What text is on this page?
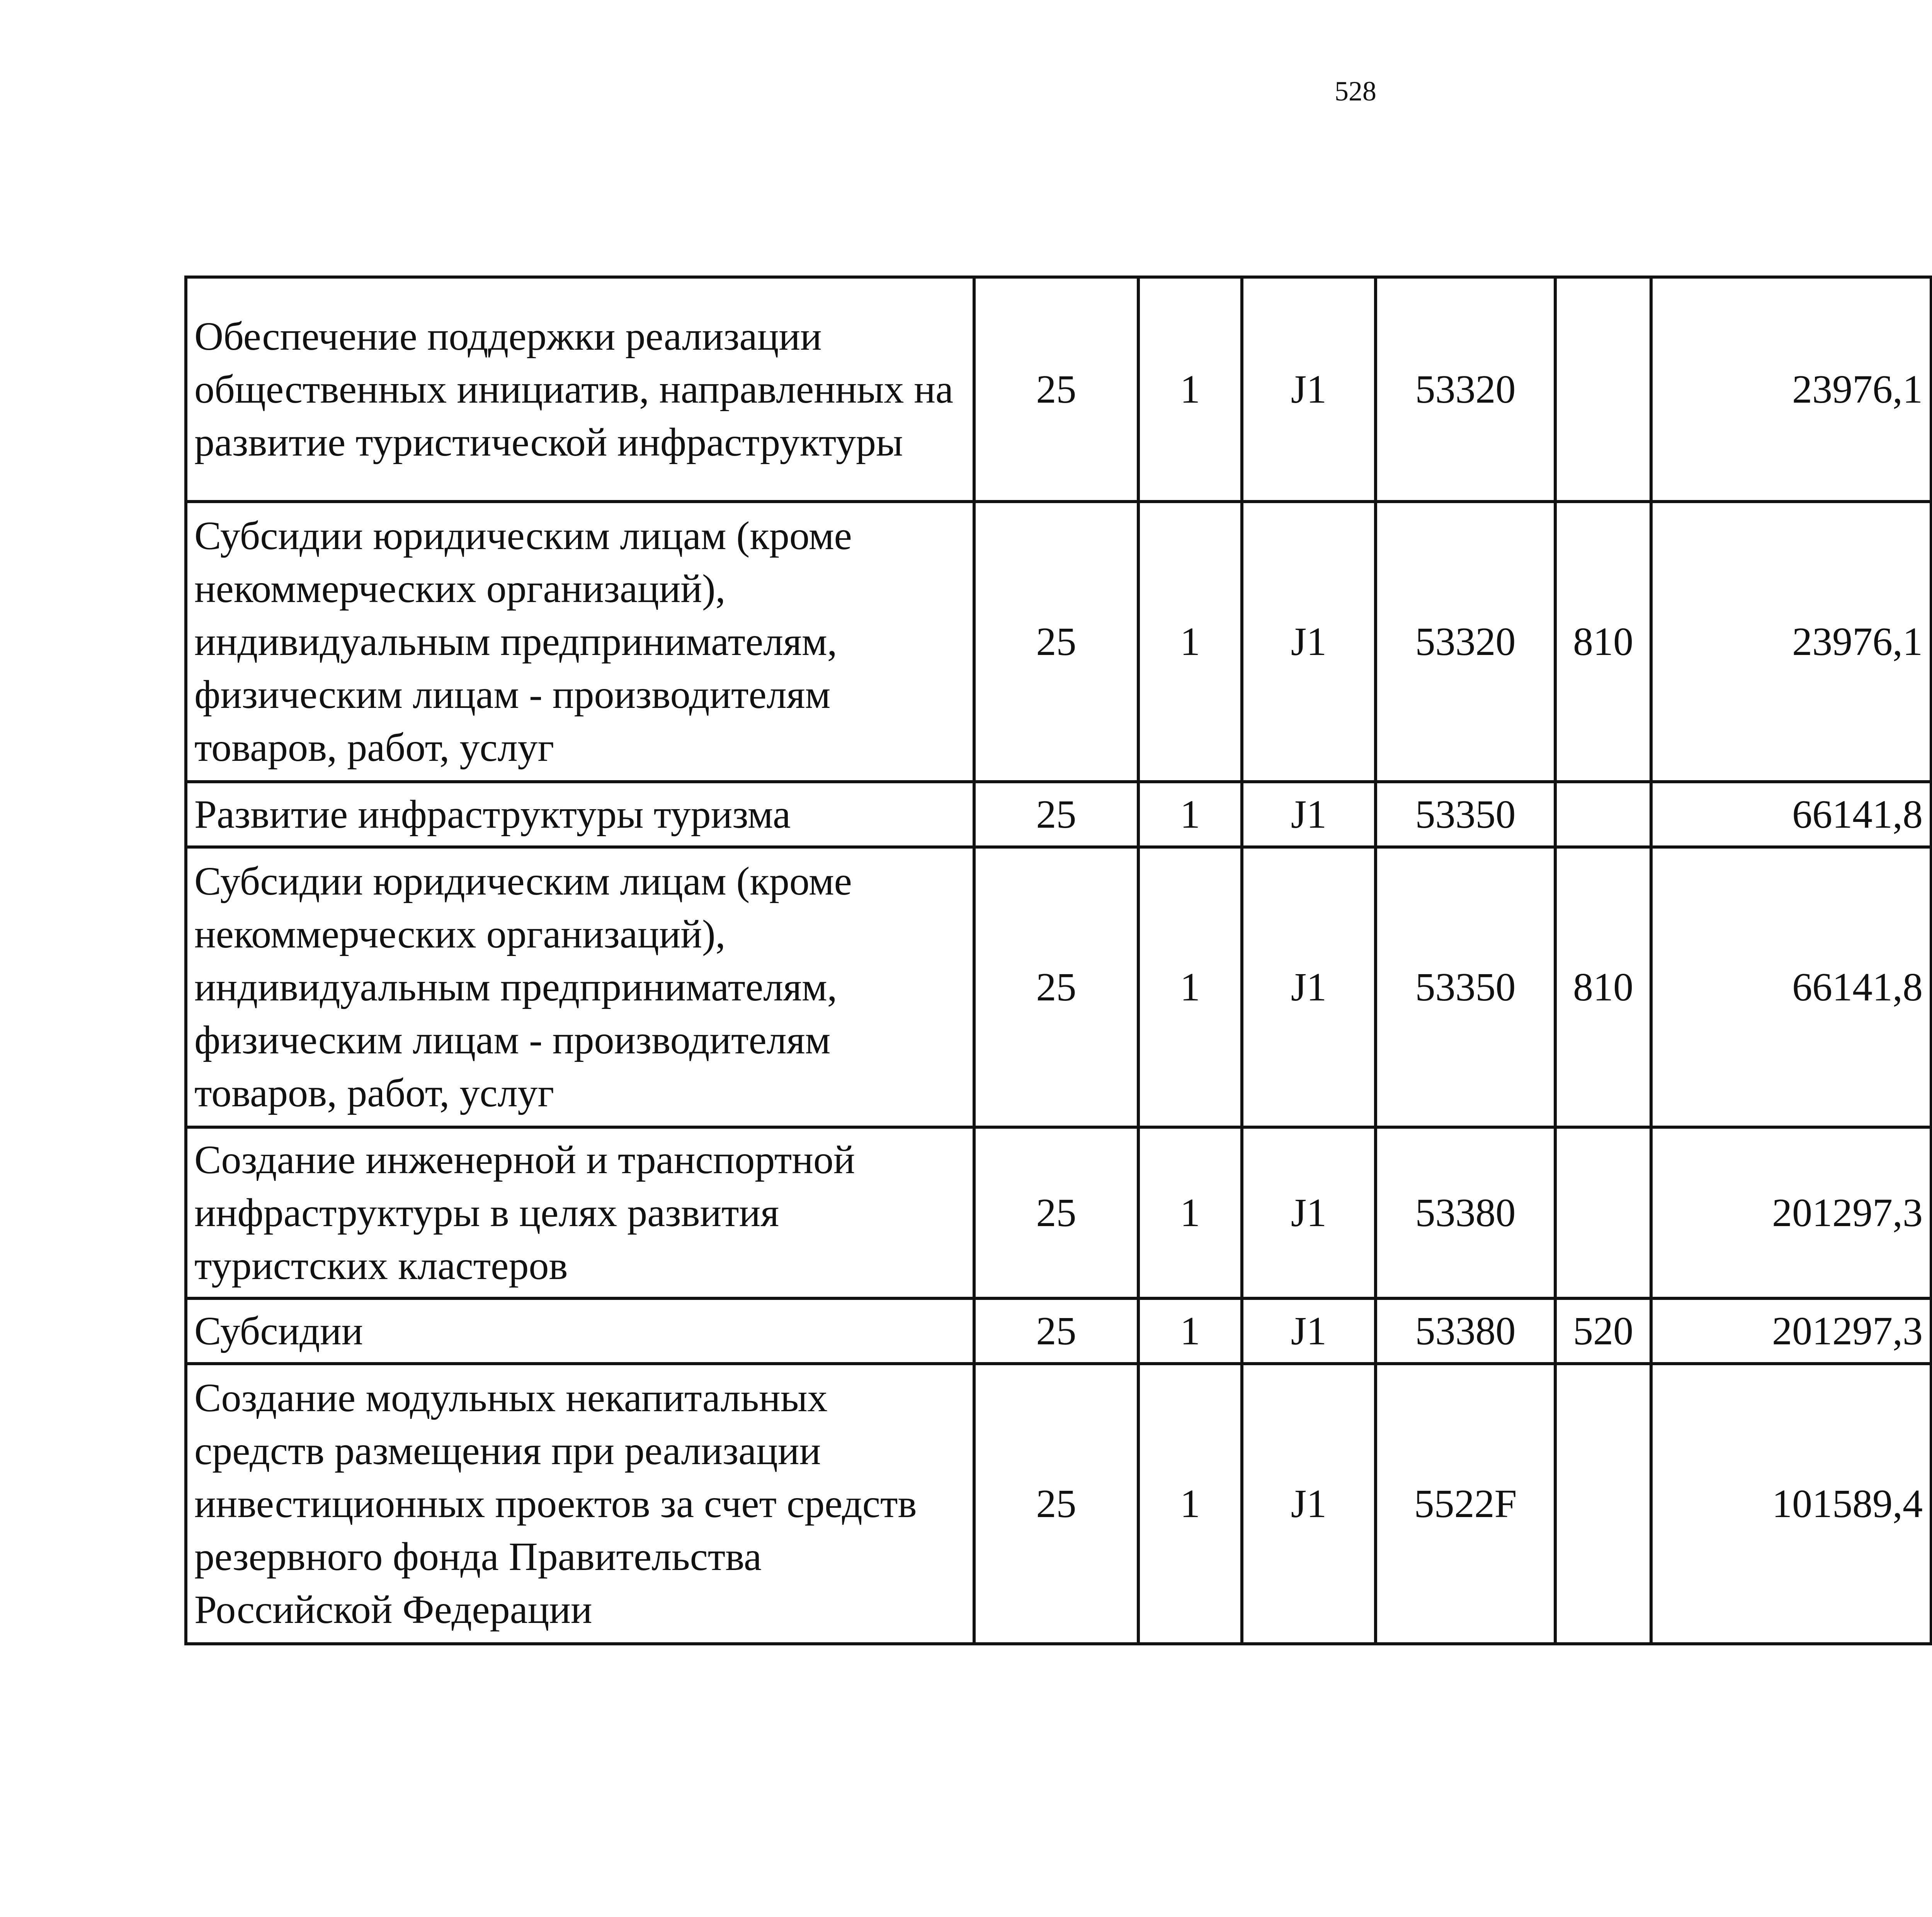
528
Обеспечение поддержки реализации общественных инициатив, направленных на развитие туристической инфраструктуры	25	1	J1	53320		23976,1		
Субсидии юридическим лицам (кроме некоммерческих организаций), индивидуальным предпринимателям, физическим лицам - производителям товаров, работ, услуг	25	1	J1	53320	810	23976,1		
Развитие инфраструктуры туризма	25	1	J1	53350		66141,8		
Субсидии юридическим лицам (кроме некоммерческих организаций), индивидуальным предпринимателям, физическим лицам - производителям товаров, работ, услуг	25	1	J1	53350	810	66141,8		
Создание инженерной и транспортной инфраструктуры в целях развития туристских кластеров	25	1	J1	53380		201297,3		
Субсидии	25	1	J1	53380	520	201297,3		
Создание модульных некапитальных средств размещения при реализации инвестиционных проектов за счет средств резервного фонда Правительства Российской Федерации	25	1	J1	5522F		101589,4		
